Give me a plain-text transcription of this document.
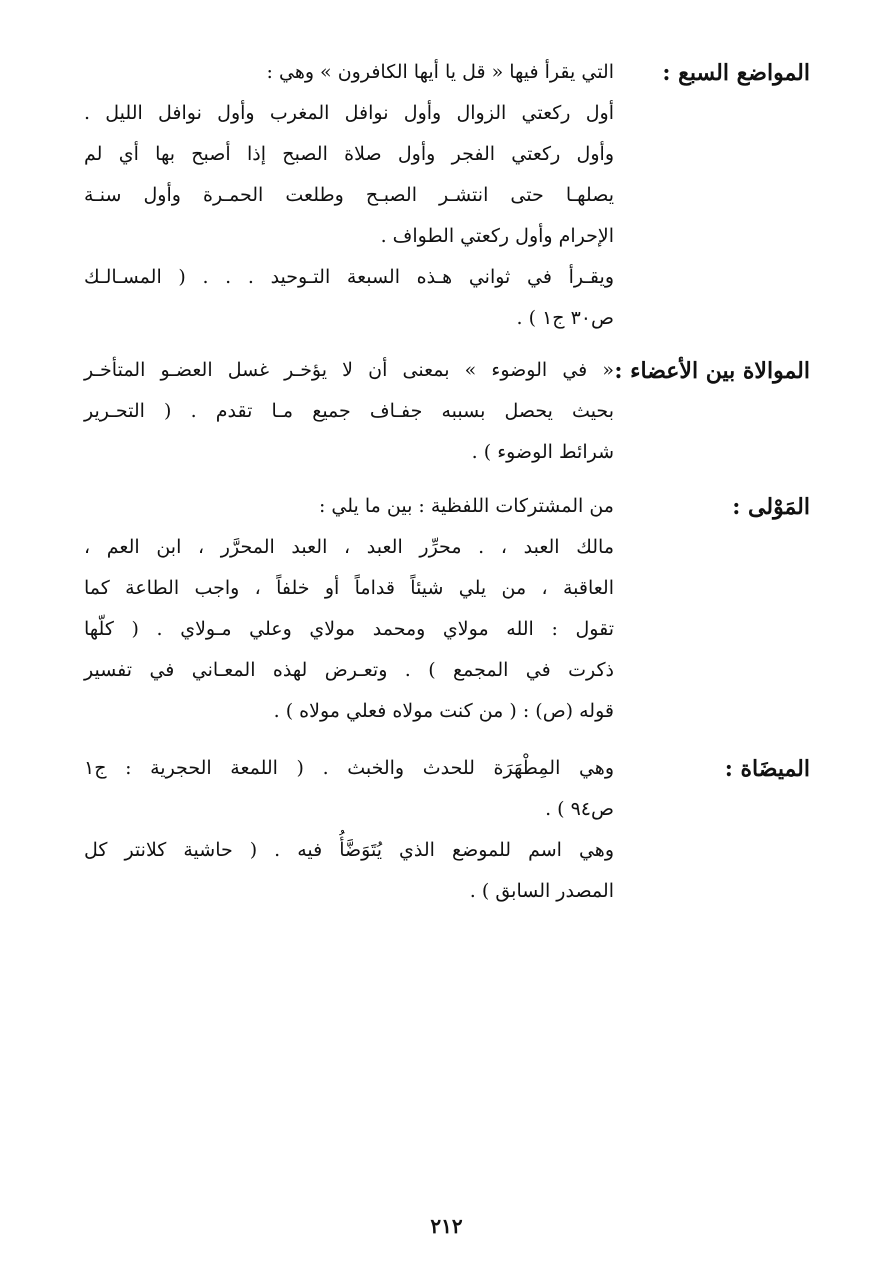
المواضع السبع :
التي يقرأ فيها « قل يا أيها الكافرون » وهي :
أول ركعتي الزوال وأول نوافل المغرب وأول نوافل الليل .
وأول ركعتي الفجر وأول صلاة الصبح إذا أصبح بها أي لم
يصلهـا حتى انتشـر الصبـح وطلعت الحمـرة وأول سنـة
الإحرام وأول ركعتي الطواف .
ويقـرأ في ثواني هـذه السبعة التـوحيد . . . ( المسـالـك
ص٣٠ ج١ ) .
الموالاة بين الأعضاء :
« في الوضوء » بمعنى أن لا يؤخـر غسل العضـو المتأخـر
بحيث يحصل بسببه جفـاف جميع مـا تقدم . ( التحـرير
شرائط الوضوء ) .
المَوْلى :
من المشتركات اللفظية : بين ما يلي :
مالك العبد ، . محرِّر العبد ، العبد المحرَّر ، ابن العم ،
العاقبة ، من يلي شيئاً قداماً أو خلفاً ، واجب الطاعة كما
تقول : الله مولاي ومحمد مولاي وعلي مـولاي . ( كلّها
ذكرت في المجمع ) . وتعـرض لهذه المعـاني في تفسير
قوله (ص) : ( من كنت مولاه فعلي مولاه ) .
الميضَاة :
وهي المِطْهَرَة للحدث والخبث . ( اللمعة الحجرية : ج١
ص٩٤ ) .
وهي اسم للموضع الذي يُتَوَضَّأُ فيه . ( حاشية كلانتر كل
المصدر السابق ) .
٢١٢
